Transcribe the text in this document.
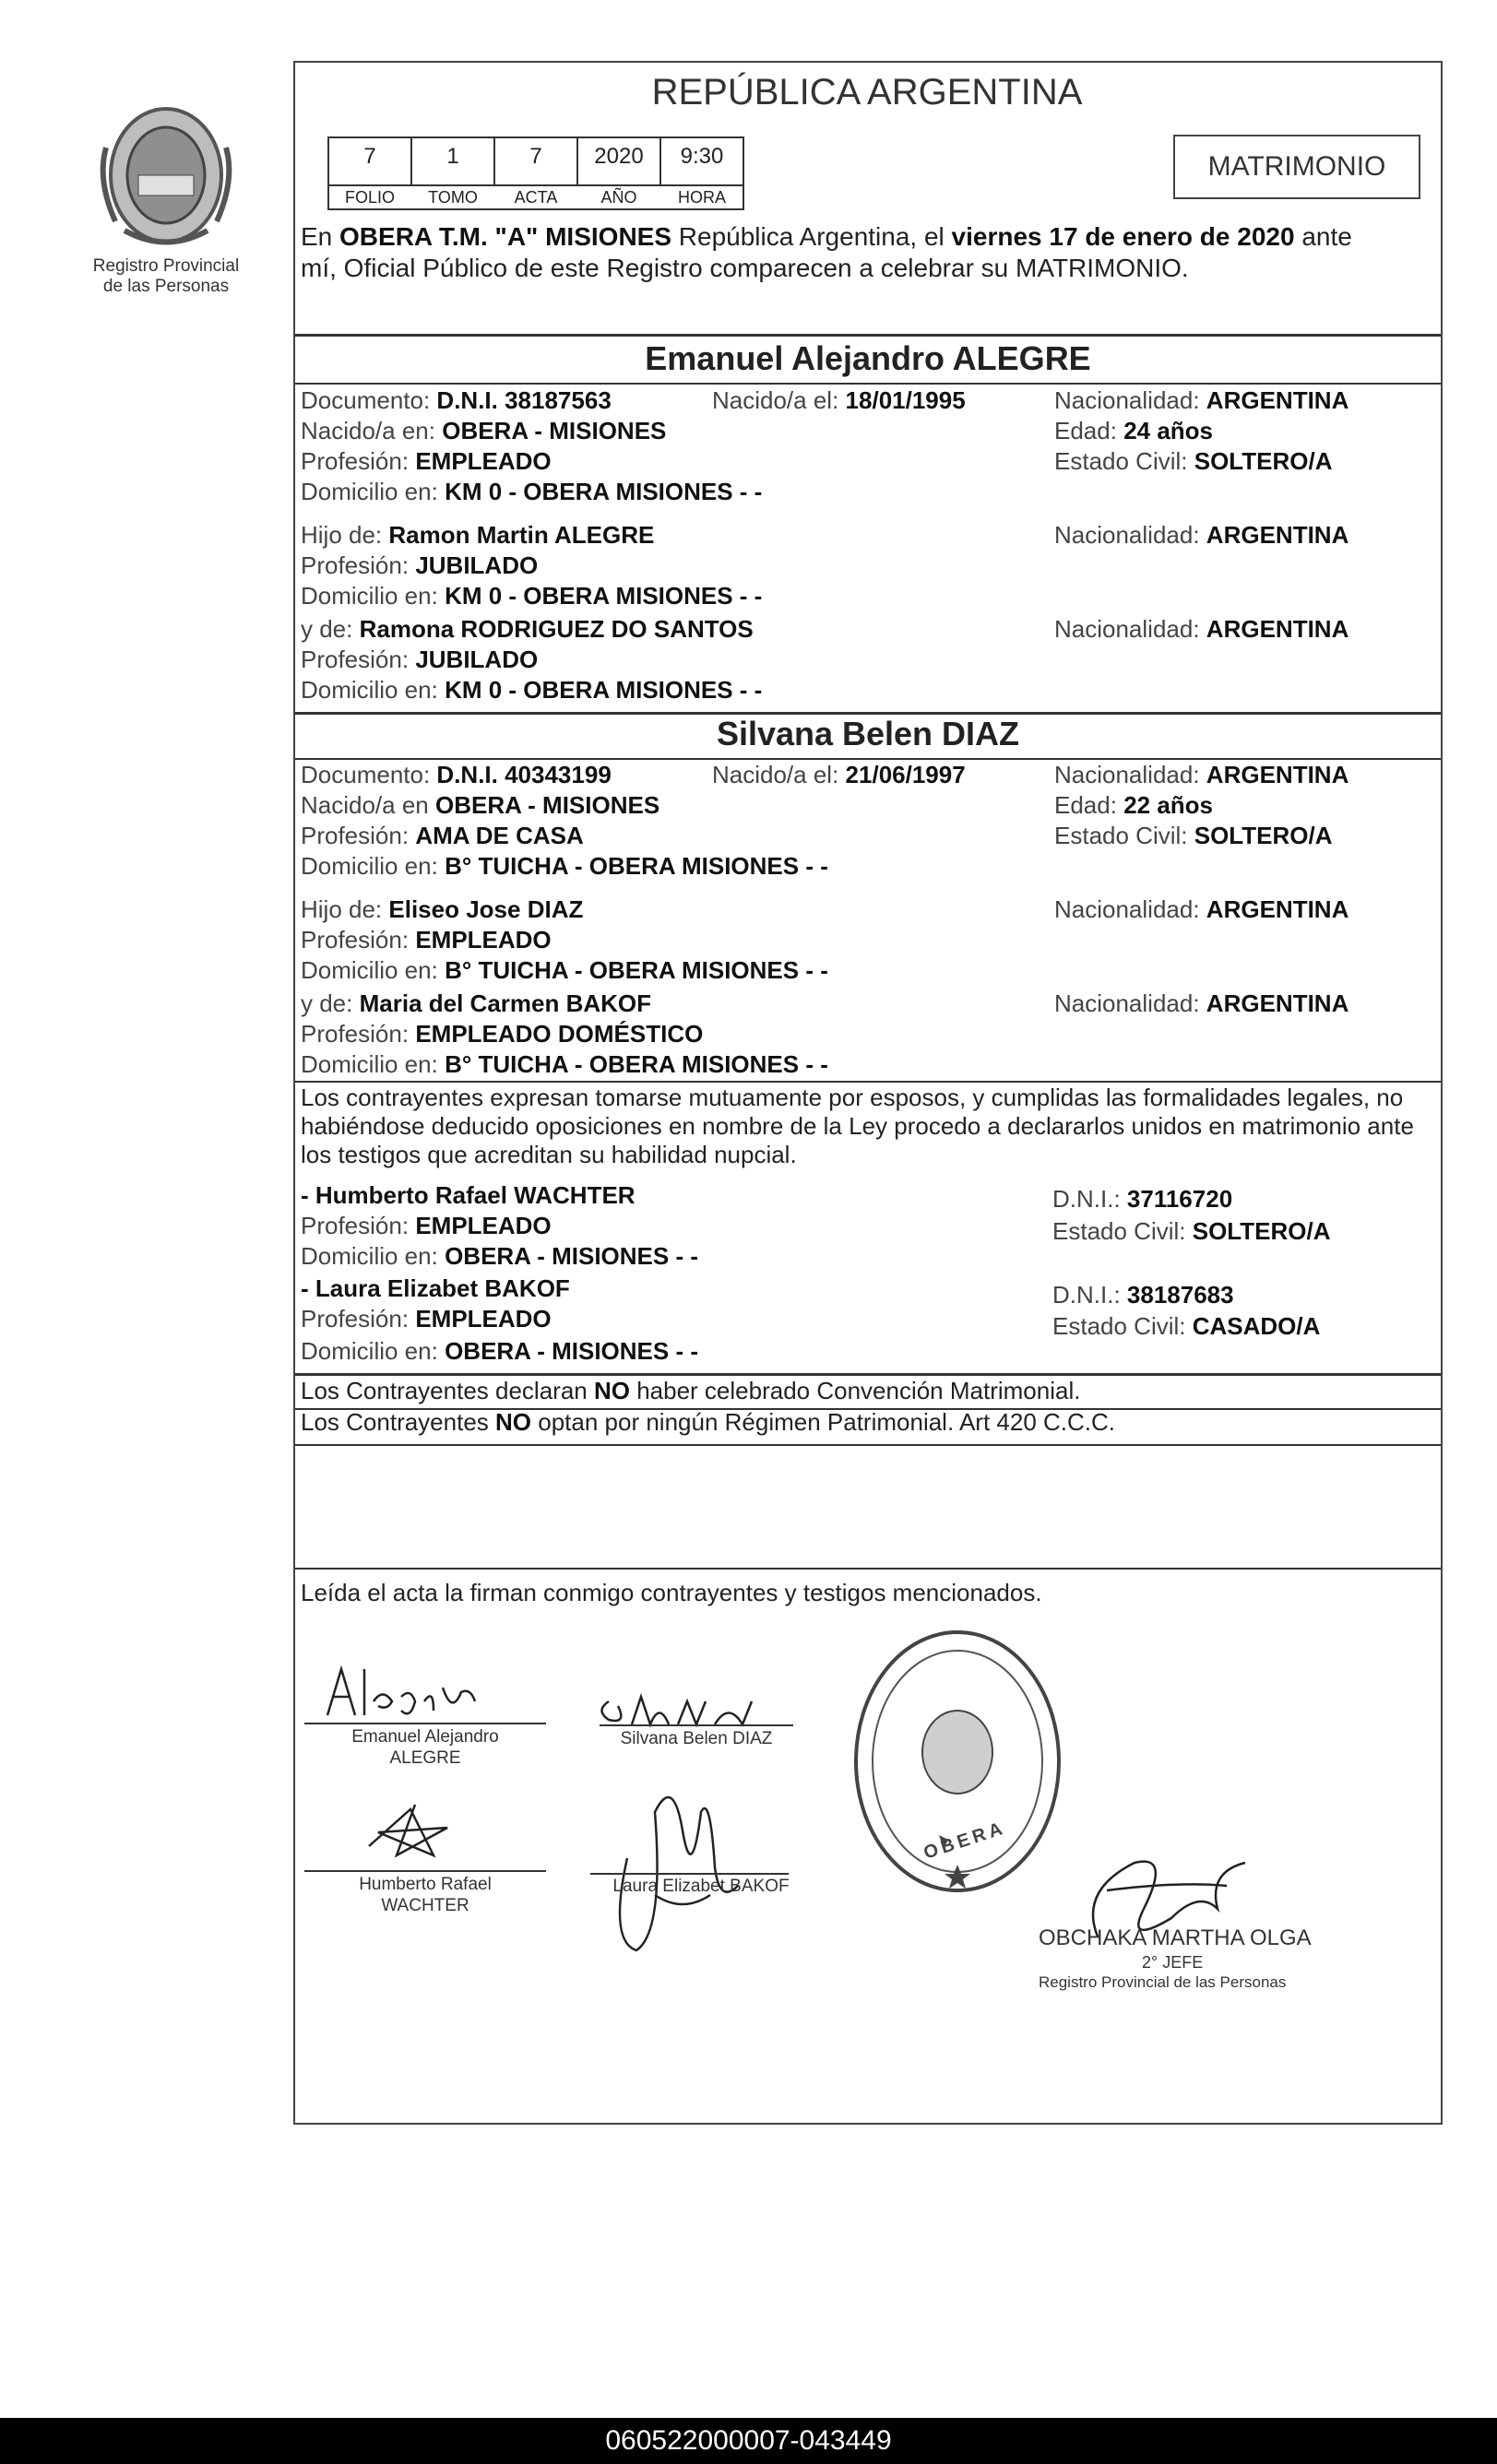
Registro Provincial
de las Personas
REPÚBLICA ARGENTINA
7	1	7	2020	9:30
FOLIO	TOMO	ACTA	AÑO	HORA
MATRIMONIO
En OBERA T.M. "A" MISIONES República Argentina, el viernes 17 de enero de 2020 ante
mí, Oficial Público de este Registro comparecen a celebrar su MATRIMONIO.
Emanuel Alejandro ALEGRE
Documento: D.N.I. 38187563	Nacido/a el: 18/01/1995	Nacionalidad: ARGENTINA
Nacido/a en: OBERA - MISIONES	Edad: 24 años
Profesión: EMPLEADO	Estado Civil: SOLTERO/A
Domicilio en: KM 0 - OBERA MISIONES - -
Hijo de: Ramon Martin ALEGRE	Nacionalidad: ARGENTINA
Profesión: JUBILADO
Domicilio en: KM 0 - OBERA MISIONES - -
y de: Ramona RODRIGUEZ DO SANTOS	Nacionalidad: ARGENTINA
Profesión: JUBILADO
Domicilio en: KM 0 - OBERA MISIONES - -
Silvana Belen DIAZ
Documento: D.N.I. 40343199	Nacido/a el: 21/06/1997	Nacionalidad: ARGENTINA
Nacido/a en OBERA - MISIONES	Edad: 22 años
Profesión: AMA DE CASA	Estado Civil: SOLTERO/A
Domicilio en: B° TUICHA - OBERA MISIONES - -
Hijo de: Eliseo Jose DIAZ	Nacionalidad: ARGENTINA
Profesión: EMPLEADO
Domicilio en: B° TUICHA - OBERA MISIONES - -
y de: Maria del Carmen BAKOF	Nacionalidad: ARGENTINA
Profesión: EMPLEADO DOMÉSTICO
Domicilio en: B° TUICHA - OBERA MISIONES - -
Los contrayentes expresan tomarse mutuamente por esposos, y cumplidas las formalidades legales, no
habiéndose deducido oposiciones en nombre de la Ley procedo a declararlos unidos en matrimonio ante
los testigos que acreditan su habilidad nupcial.
- Humberto Rafael WACHTER	D.N.I.: 37116720
Profesión: EMPLEADO	Estado Civil: SOLTERO/A
Domicilio en: OBERA - MISIONES - -
- Laura Elizabet BAKOF	D.N.I.: 38187683
Profesión: EMPLEADO	Estado Civil: CASADO/A
Domicilio en: OBERA - MISIONES - -
Los Contrayentes declaran NO haber celebrado Convención Matrimonial.
Los Contrayentes NO optan por ningún Régimen Patrimonial. Art 420 C.C.C.
Leída el acta la firman conmigo contrayentes y testigos mencionados.
Emanuel Alejandro
ALEGRE
Silvana Belen DIAZ
Humberto Rafael
WACHTER
Laura Elizabet BAKOF
OBERA
OBCHAKA MARTHA OLGA
2° JEFE
Registro Provincial de las Personas
060522000007-043449
